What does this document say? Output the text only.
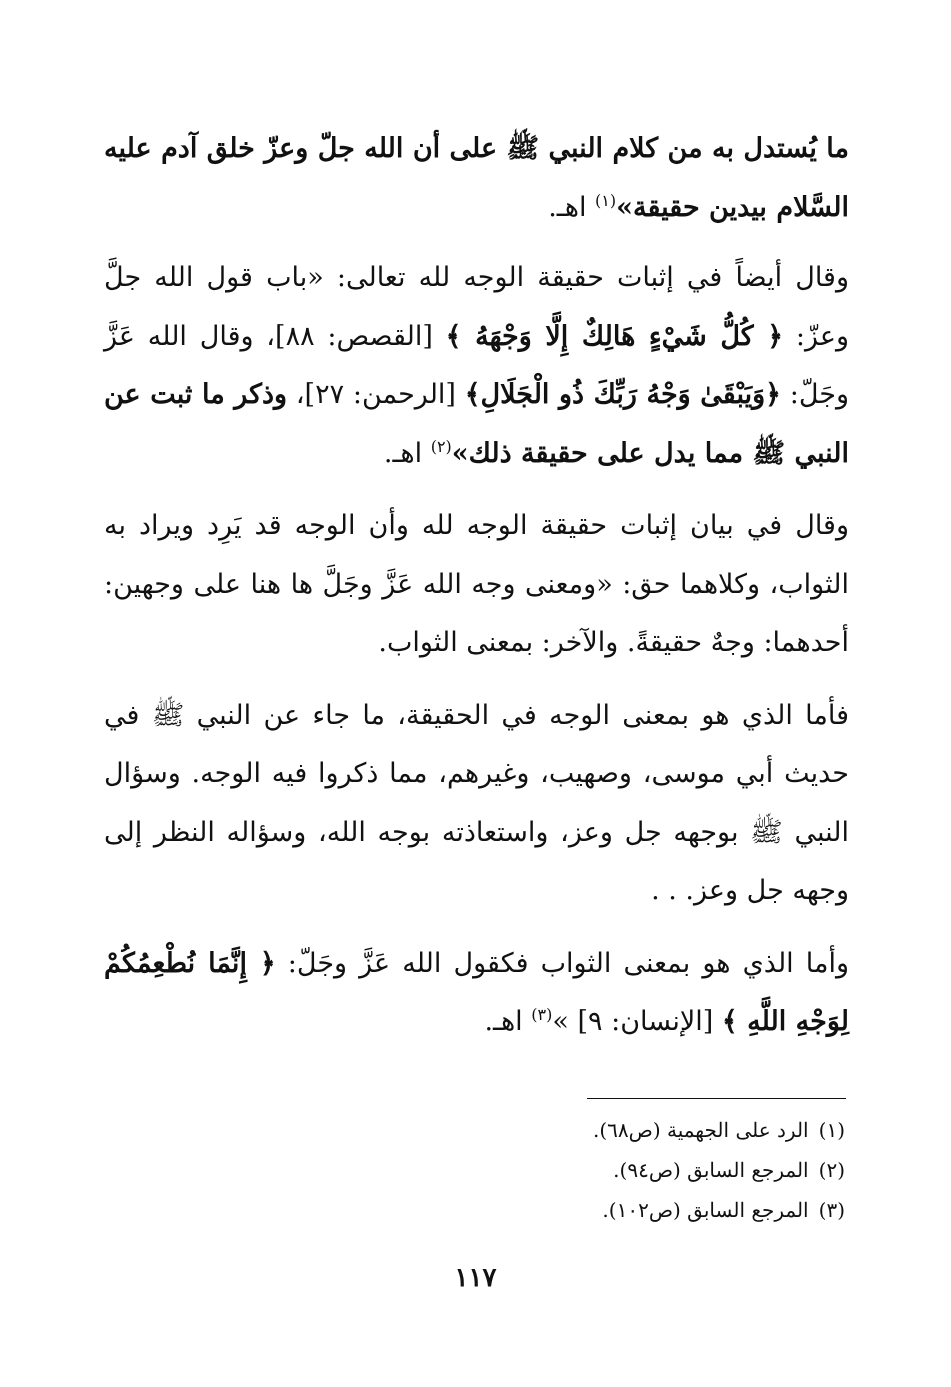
ما يُستدل به من كلام النبي ﷺ على أن الله جلّ وعزّ خلق آدم عليه السَّلام بيدين حقيقة»$^{(١)}$ اهـ.

وقال أيضاً في إثبات حقيقة الوجه لله تعالى: «باب قول الله جلَّ وعزّ: ﴿ كُلُّ شَيْءٍ هَالِكٌ إِلَّا وَجْهَهُ ﴾ [القصص: ٨٨]، وقال الله عَزَّ وجَلّ: ﴿وَيَبْقَىٰ وَجْهُ رَبِّكَ ذُو الْجَلَالِ﴾ [الرحمن: ٢٧]، وذكر ما ثبت عن النبي ﷺ مما يدل على حقيقة ذلك»$^{(٢)}$ اهـ.

وقال في بيان إثبات حقيقة الوجه لله وأن الوجه قد يَرِد ويراد به الثواب، وكلاهما حق: «ومعنى وجه الله عَزَّ وجَلَّ ها هنا على وجهين: أحدهما: وجهٌ حقيقةً. والآخر: بمعنى الثواب.

فأما الذي هو بمعنى الوجه في الحقيقة، ما جاء عن النبي ﷺ في حديث أبي موسى، وصهيب، وغيرهم، مما ذكروا فيه الوجه. وسؤال النبي ﷺ بوجهه جل وعز، واستعاذته بوجه الله، وسؤاله النظر إلى وجهه جل وعز. . .

وأما الذي هو بمعنى الثواب فكقول الله عَزَّ وجَلّ: ﴿ إِنَّمَا نُطْعِمُكُمْ لِوَجْهِ اللَّهِ ﴾ [الإنسان: ٩] »$^{(٣)}$ اهـ.

(١)الرد على الجهمية (ص٦٨).
(٢)المرجع السابق (ص٩٤).
(٣)المرجع السابق (ص١٠٢).
١١٧
